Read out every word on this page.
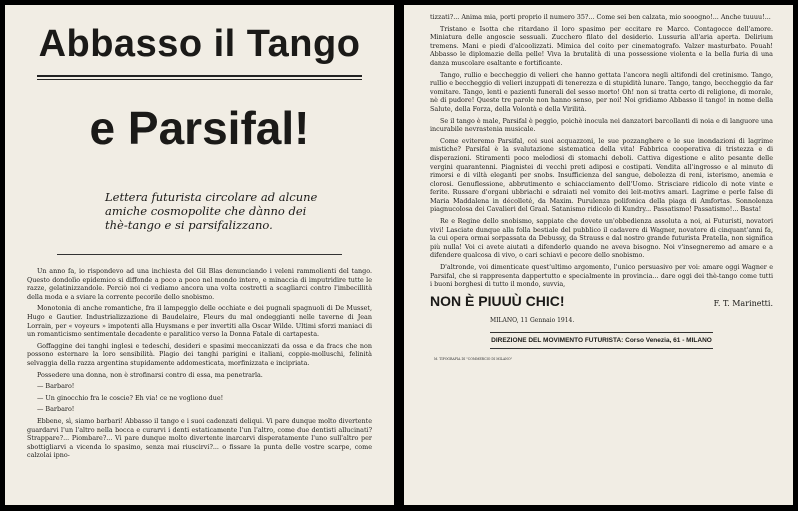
Abbasso il Tango
e Parsifal!
Lettera futurista circolare ad alcune amiche cosmopolite che dànno dei thè-tango e si parsifalizzano.

Un anno fa, io rispondevo ad una inchiesta del Gil Blas denunciando i veleni rammolienti del tango. Questo dondolìo epidemico si diffonde a poco a poco nel mondo intero, e minaccia di imputridire tutte le razze, gelatinizzandole. Perciò noi ci vediamo ancora una volta costretti a scagliarci contro l'imbecillità della moda e a sviare la corrente pecorile dello snobismo.

Monotonia di anche romantiche, fra il lampeggìo delle occhiate e dei pugnali spagnuoli di De Musset, Hugo e Gautier. Industrializzazione di Baudelaire, Fleurs du mal ondeggianti nelle taverne di Jean Lorrain, per « voyeurs » impotenti alla Huysmans e per invertiti alla Oscar Wilde. Ultimi sforzi maniaci di un romanticismo sentimentale decadente e paralitico verso la Donna Fatale di cartapesta.

Goffaggine dei tanghi inglesi e tedeschi, desideri e spasimi meccanizzati da ossa e da fracs che non possono esternare la loro sensibilità. Plagio dei tanghi parigini e italiani, coppie-molluschi, felinità selvaggia della razza argentina stupidamente addomesticata, morfinizzata e incipriata.

Possedere una donna, non è strofinarsi contro di essa, ma penetrarla.

— Barbaro!

— Un ginocchio fra le coscie? Eh via! ce ne vogliono due!

— Barbaro!

Ebbene, sì, siamo barbari! Abbasso il tango e i suoi cadenzati deliqui. Vi pare dunque molto divertente guardarvi l'un l'altro nella bocca e curarvi i denti estaticamente l'un l'altro, come due dentisti allucinati? Strappare?... Piombare?... Vi pare dunque molto divertente inarcarvi disperatamente l'uno sull'altro per sbottigliarvi a vicenda lo spasimo, senza mai riuscirvi?... o fissare la punta delle vostre scarpe, come calzolai ipno-

tizzati?... Anima mia, porti proprio il numero 35?... Come sei ben calzata, mio sooogno!... Anche tuuuu!...

Tristano e Isotta che ritardano il loro spasimo per eccitare re Marco. Contagocce dell'amore. Miniatura delle angoscie sessuali. Zucchero filato del desiderio. Lussuria all'aria aperta. Delirium tremens. Mani e piedi d'alcoolizzati. Mimica del coito per cinematografo. Valzer masturbato. Pouah! Abbasso le diplomazie della pelle! Viva la brutalità di una possessione violenta e la bella furia di una danza muscolare esaltante e fortificante.

Tango, rullio e beccheggio di velieri che hanno gettata l'ancora negli altifondi del cretinismo. Tango, rullio e beccheggio di velieri inzuppati di tenerezza e di stupidità lunare. Tango, tango, beccheggio da far vomitare. Tango, lenti e pazienti funerali del sesso morto! Oh! non si tratta certo di religione, di morale, nè di pudore! Queste tre parole non hanno senso, per noi! Noi gridiamo Abbasso il tango! in nome della Salute, della Forza, della Volontà e della Virilità.

Se il tango è male, Parsifal è peggio, poichè inocula nei danzatori barcollanti di noia e di languore una incurabile nevrastenia musicale.

Come eviteremo Parsifal, coi suoi acquazzoni, le sue pozzanghere e le sue inondazioni di lagrime mistiche? Parsifal è la svalutazione sistematica della vita! Fabbrica cooperativa di tristezza e di disperazioni. Stiramenti poco melodiosi di stomachi deboli. Cattiva digestione e alito pesante delle vergini quarantenni. Piagnistei di vecchi preti adiposi e costipati. Vendita all'ingrosso e al minuto di rimorsi e di viltà eleganti per snobs. Insufficienza del sangue, debolezza di reni, isterismo, anemia e clorosi. Genuflessione, abbrutimento e schiacciamento dell'Uomo. Strisciare ridicolo di note vinte e ferite. Russare d'organi ubbriachi e sdraiati nel vomito dei leit-motivs amari. Lagrime e perle false di Maria Maddalena in décolleté, da Maxim. Purulenza polifonica della piaga di Amfortas. Sonnolenza piagnucolosa dei Cavalieri del Graal. Satanismo ridicolo di Kundry... Passatismo! Passatismo!... Basta!

Re e Regine dello snobismo, sappiate che dovete un'obbedienza assoluta a noi, ai Futuristi, novatori vivi! Lasciate dunque alla folla bestiale del pubblico il cadavere di Wagner, novatore di cinquant'anni fa, la cui opera ormai sorpassata da Debussy, da Strauss e dal nostro grande futurista Pratella, non significa più nulla! Voi ci avete aiutati a difenderlo quando ne aveva bisogno. Noi v'insegneremo ad amare e a difendere qualcosa di vivo, o cari schiavi e pecore dello snobismo.

D'altronde, voi dimenticate quest'ultimo argomento, l'unico persuasivo per voi: amare oggi Wagner e Parsifal, che si rappresenta dappertutto e specialmente in provincia... dare oggi dei thè-tango come tutti i buoni borghesi di tutto il mondo, suvvia,

NON È PIUUÙ CHIC!	F. T. Marinetti.
MILANO, 11 Gennaio 1914.
DIREZIONE DEL MOVIMENTO FUTURISTA: Corso Venezia, 61 - MILANO
M. TIPOGRAFIA DI "COMMERCIO DI MILANO"
